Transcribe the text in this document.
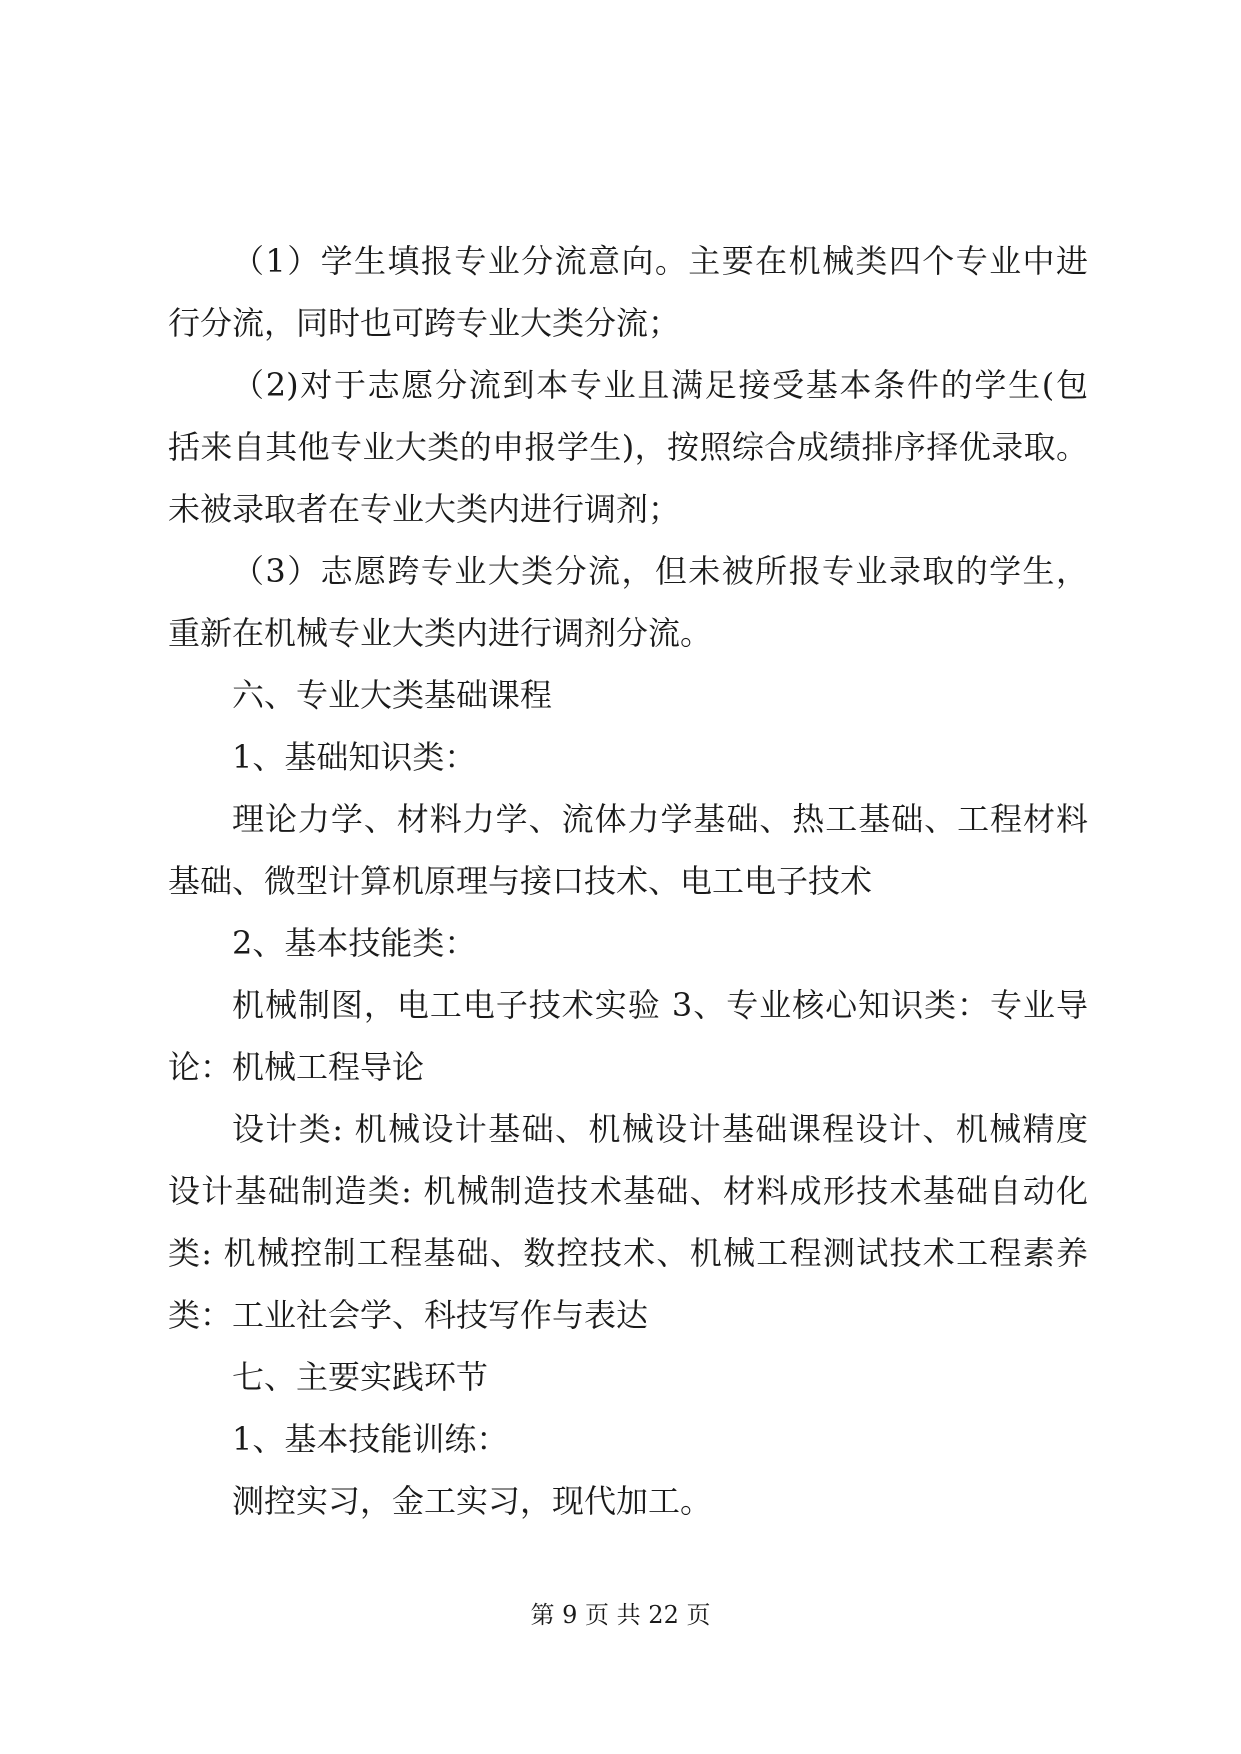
（1）学生填报专业分流意向。主要在机械类四个专业中进
行分流，同时也可跨专业大类分流；
（2)对于志愿分流到本专业且满足接受基本条件的学生(包
括来自其他专业大类的申报学生)，按照综合成绩排序择优录取。
未被录取者在专业大类内进行调剂；
（3）志愿跨专业大类分流，但未被所报专业录取的学生，
重新在机械专业大类内进行调剂分流。
六、专业大类基础课程
1、基础知识类：
理论力学、材料力学、流体力学基础、热工基础、工程材料
基础、微型计算机原理与接口技术、电工电子技术
2、基本技能类：
机械制图，电工电子技术实验 3、专业核心知识类：专业导
论：机械工程导论
设计类: 机械设计基础、机械设计基础课程设计、机械精度
设计基础制造类: 机械制造技术基础、材料成形技术基础自动化
类: 机械控制工程基础、数控技术、机械工程测试技术工程素养
类：工业社会学、科技写作与表达
七、主要实践环节
1、基本技能训练：
测控实习，金工实习，现代加工。
第 9 页 共 22 页
